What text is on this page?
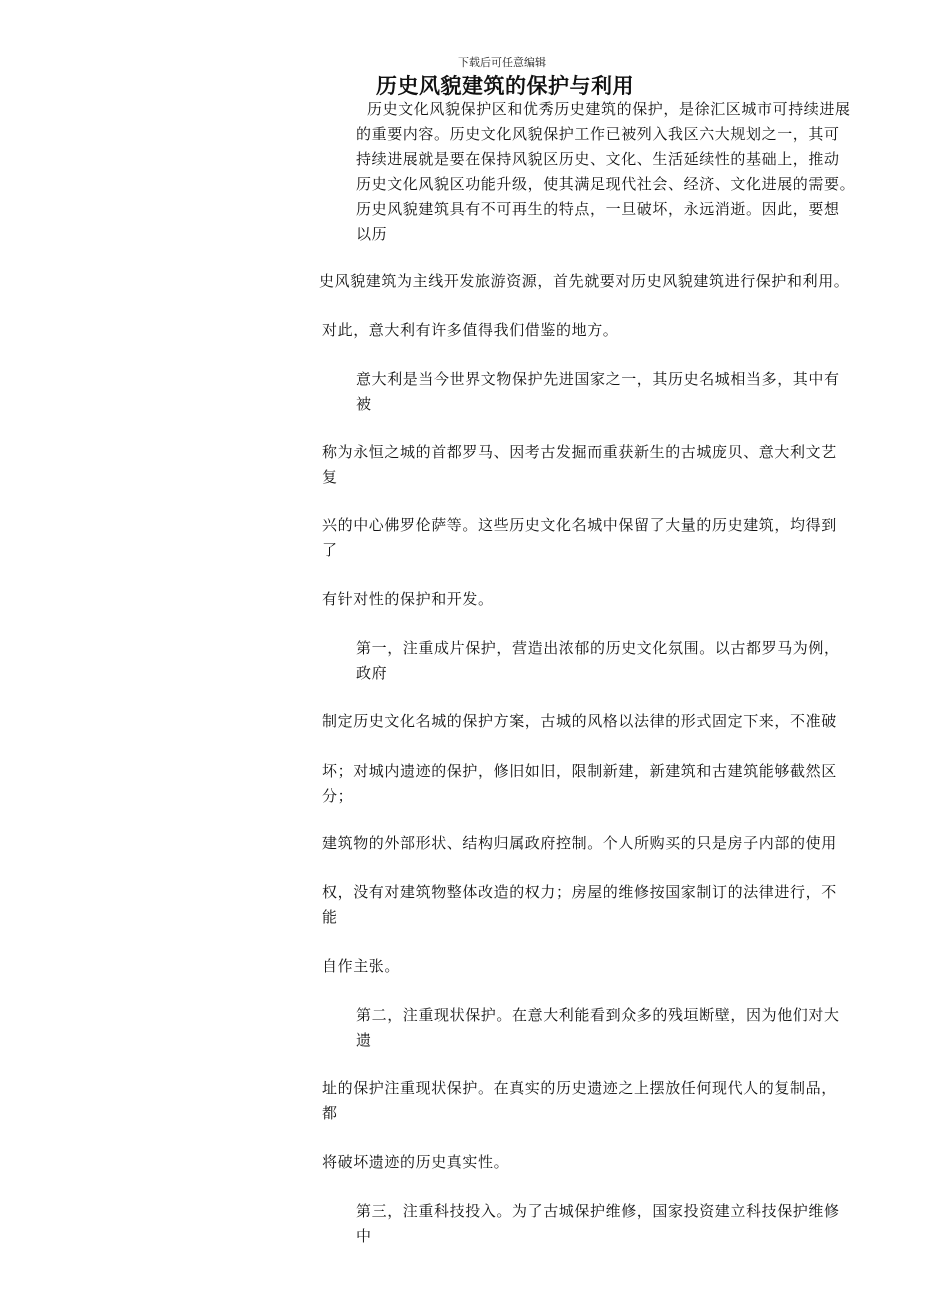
下载后可任意编辑
历史风貌建筑的保护与利用
历史文化风貌保护区和优秀历史建筑的保护，是徐汇区城市可持续进展
的重要内容。历史文化风貌保护工作已被列入我区六大规划之一，其可
持续进展就是要在保持风貌区历史、文化、生活延续性的基础上，推动
历史文化风貌区功能升级，使其满足现代社会、经济、文化进展的需要。
历史风貌建筑具有不可再生的特点，一旦破坏，永远消逝。因此，要想
以历
史风貌建筑为主线开发旅游资源，首先就要对历史风貌建筑进行保护和利用。
对此，意大利有许多值得我们借鉴的地方。
意大利是当今世界文物保护先进国家之一，其历史名城相当多，其中有
被
称为永恒之城的首都罗马、因考古发掘而重获新生的古城庞贝、意大利文艺
复
兴的中心佛罗伦萨等。这些历史文化名城中保留了大量的历史建筑，均得到
了
有针对性的保护和开发。
第一，注重成片保护，营造出浓郁的历史文化氛围。以古都罗马为例，
政府
制定历史文化名城的保护方案，古城的风格以法律的形式固定下来，不准破
坏；对城内遗迹的保护，修旧如旧，限制新建，新建筑和古建筑能够截然区
分；
建筑物的外部形状、结构归属政府控制。个人所购买的只是房子内部的使用
权，没有对建筑物整体改造的权力；房屋的维修按国家制订的法律进行，不
能
自作主张。
第二，注重现状保护。在意大利能看到众多的残垣断壁，因为他们对大
遗
址的保护注重现状保护。在真实的历史遗迹之上摆放任何现代人的复制品，
都
将破坏遗迹的历史真实性。
第三，注重科技投入。为了古城保护维修，国家投资建立科技保护维修
中
